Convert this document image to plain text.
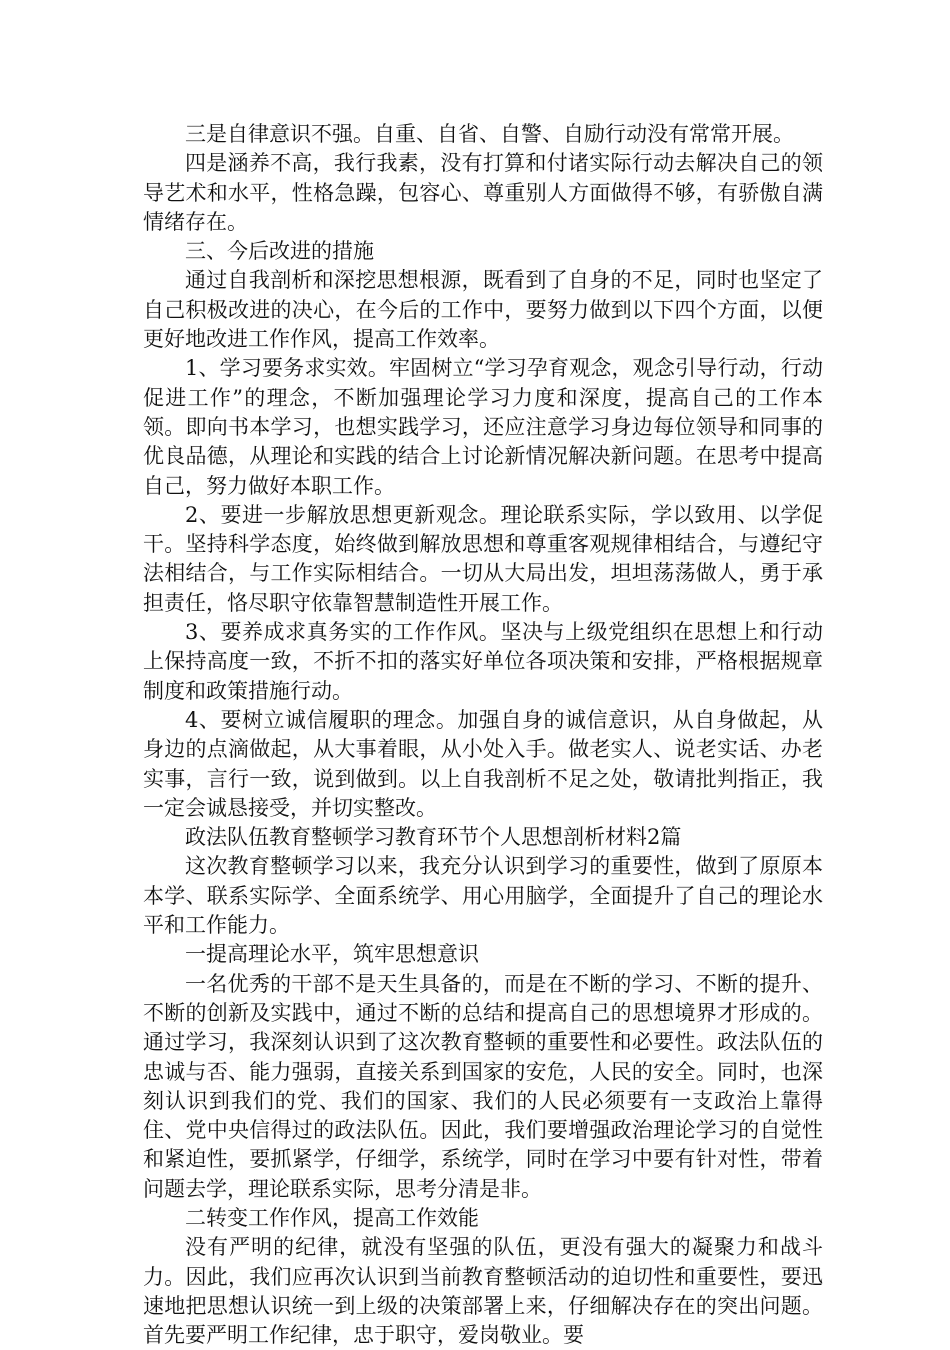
三是自律意识不强。自重、自省、自警、自励行动没有常常开展。

四是涵养不高，我行我素，没有打算和付诸实际行动去解决自己的领导艺术和水平，性格急躁，包容心、尊重别人方面做得不够，有骄傲自满情绪存在。

三、今后改进的措施

通过自我剖析和深挖思想根源，既看到了自身的不足，同时也坚定了自己积极改进的决心，在今后的工作中，要努力做到以下四个方面，以便更好地改进工作作风，提高工作效率。

1、学习要务求实效。牢固树立“学习孕育观念，观念引导行动，行动促进工作”的理念，不断加强理论学习力度和深度，提高自己的工作本领。即向书本学习，也想实践学习，还应注意学习身边每位领导和同事的优良品德，从理论和实践的结合上讨论新情况解决新问题。在思考中提高自己，努力做好本职工作。

2、要进一步解放思想更新观念。理论联系实际，学以致用、以学促干。坚持科学态度，始终做到解放思想和尊重客观规律相结合，与遵纪守法相结合，与工作实际相结合。一切从大局出发，坦坦荡荡做人，勇于承担责任，恪尽职守依靠智慧制造性开展工作。

3、要养成求真务实的工作作风。坚决与上级党组织在思想上和行动上保持高度一致，不折不扣的落实好单位各项决策和安排，严格根据规章制度和政策措施行动。

4、要树立诚信履职的理念。加强自身的诚信意识，从自身做起，从身边的点滴做起，从大事着眼，从小处入手。做老实人、说老实话、办老实事，言行一致，说到做到。以上自我剖析不足之处，敬请批判指正，我一定会诚恳接受，并切实整改。

政法队伍教育整顿学习教育环节个人思想剖析材料2篇

这次教育整顿学习以来，我充分认识到学习的重要性，做到了原原本本学、联系实际学、全面系统学、用心用脑学，全面提升了自己的理论水平和工作能力。

一提高理论水平，筑牢思想意识

一名优秀的干部不是天生具备的，而是在不断的学习、不断的提升、不断的创新及实践中，通过不断的总结和提高自己的思想境界才形成的。通过学习，我深刻认识到了这次教育整顿的重要性和必要性。政法队伍的忠诚与否、能力强弱，直接关系到国家的安危，人民的安全。同时，也深刻认识到我们的党、我们的国家、我们的人民必须要有一支政治上靠得住、党中央信得过的政法队伍。因此，我们要增强政治理论学习的自觉性和紧迫性，要抓紧学，仔细学，系统学，同时在学习中要有针对性，带着问题去学，理论联系实际，思考分清是非。

二转变工作作风，提高工作效能

没有严明的纪律，就没有坚强的队伍，更没有强大的凝聚力和战斗力。因此，我们应再次认识到当前教育整顿活动的迫切性和重要性，要迅速地把思想认识统一到上级的决策部署上来，仔细解决存在的突出问题。首先要严明工作纪律，忠于职守，爱岗敬业。要
